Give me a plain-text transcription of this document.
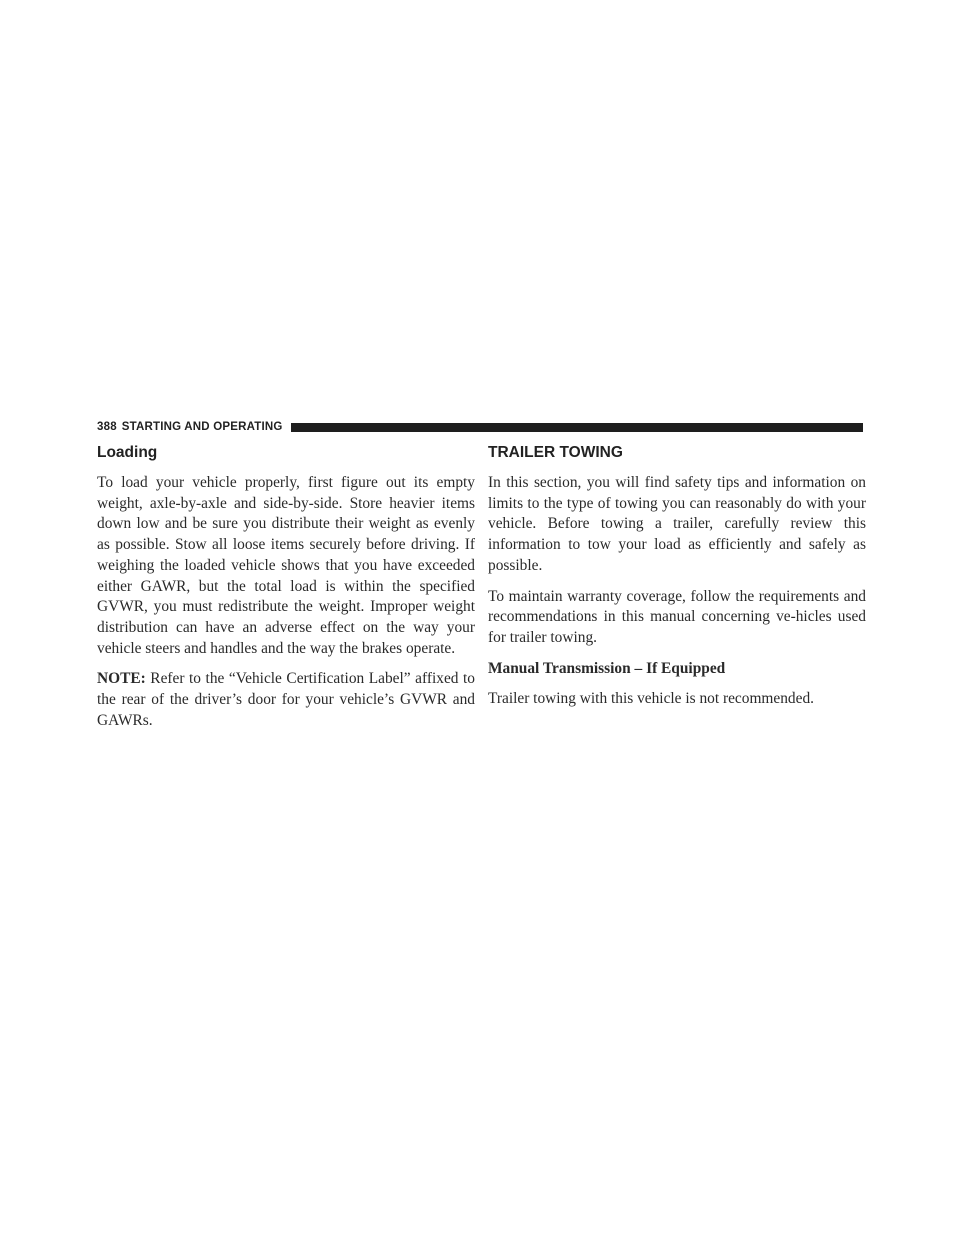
388 STARTING AND OPERATING
Loading

To load your vehicle properly, first figure out its empty weight, axle-by-axle and side-by-side. Store heavier items down low and be sure you distribute their weight as evenly as possible. Stow all loose items securely before driving. If weighing the loaded vehicle shows that you have exceeded either GAWR, but the total load is within the specified GVWR, you must redistribute the weight. Improper weight distribution can have an adverse effect on the way your vehicle steers and handles and the way the brakes operate.

NOTE: Refer to the “Vehicle Certification Label” affixed to the rear of the driver’s door for your vehicle’s GVWR and GAWRs.

TRAILER TOWING

In this section, you will find safety tips and information on limits to the type of towing you can reasonably do with your vehicle. Before towing a trailer, carefully review this information to tow your load as efficiently and safely as possible.

To maintain warranty coverage, follow the requirements and recommendations in this manual concerning ve-hicles used for trailer towing.

Manual Transmission – If Equipped

Trailer towing with this vehicle is not recommended.
